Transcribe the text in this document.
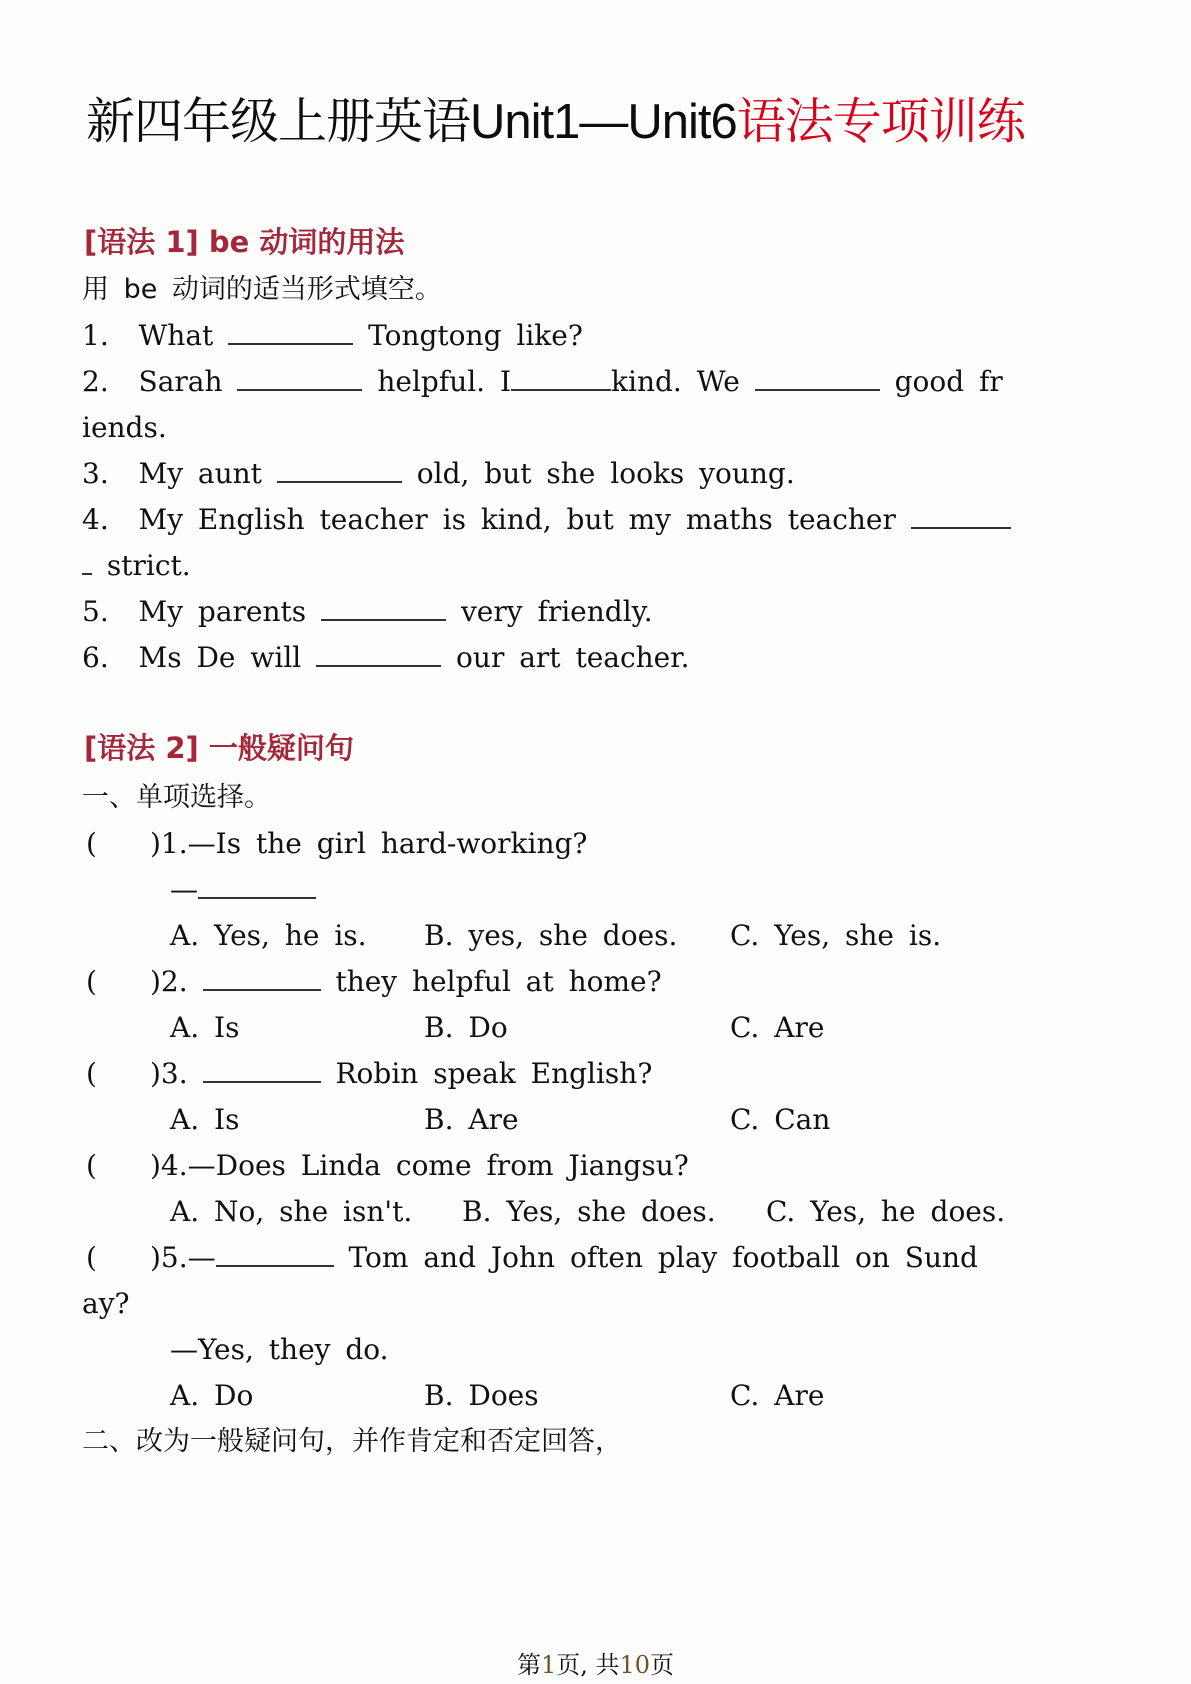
新四年级上册英语Unit1—Unit6语法专项训练
[语法 1] be 动词的用法
用 be 动词的适当形式填空。
1. What	Tongtong like?
2. Sarah	helpful. I	kind. We	good fr
iends.
3. My aunt	old, but she looks young.
4. My English teacher is kind, but my maths teacher
strict.
5. My parents	very friendly.
6. Ms De will	our art teacher.
[语法 2] 一般疑问句
一、单项选择。
( )1.—Is the girl hard-working?
—
A. Yes, he is. B. yes, she does. C. Yes, she is.
( )2.	they helpful at home?
A. Is	B. Do	C. Are
( )3.	Robin speak English?
A. Is	B. Are	C. Can
( )4.—Does Linda come from Jiangsu?
A. No, she isn't. B. Yes, she does. C. Yes, he does.
( )5.—	Tom and John often play football on Sund
ay?
—Yes, they do.
A. Do	B. Does	C. Are
二、改为一般疑问句，并作肯定和否定回答，
第1页, 共10页
